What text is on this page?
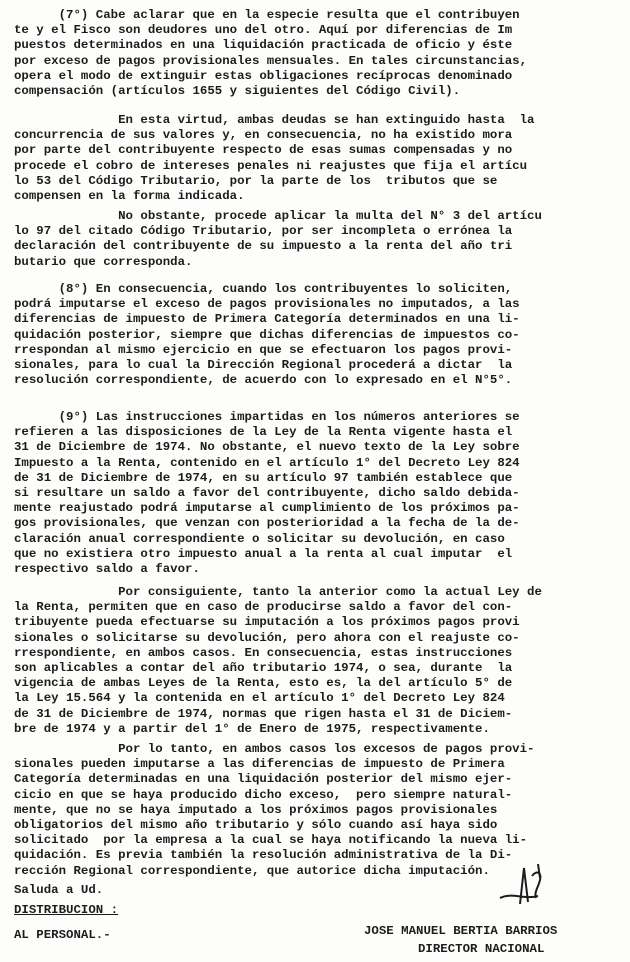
(7°) Cabe aclarar que en la especie resulta que el contribuyen
te y el Fisco son deudores uno del otro. Aquí por diferencias de Im
puestos determinados en una liquidación practicada de oficio y éste
por exceso de pagos provisionales mensuales. En tales circunstancias,
opera el modo de extinguir estas obligaciones recíprocas denominado
compensación (artículos 1655 y siguientes del Código Civil).
En esta virtud, ambas deudas se han extinguido hasta  la
concurrencia de sus valores y, en consecuencia, no ha existido mora
por parte del contribuyente respecto de esas sumas compensadas y no
procede el cobro de intereses penales ni reajustes que fija el artícu
lo 53 del Código Tributario, por la parte de los  tributos que se
compensen en la forma indicada.
No obstante, procede aplicar la multa del N° 3 del artícu
lo 97 del citado Código Tributario, por ser incompleta o errónea la
declaración del contribuyente de su impuesto a la renta del año tri
butario que corresponda.
(8°) En consecuencia, cuando los contribuyentes lo soliciten,
podrá imputarse el exceso de pagos provisionales no imputados, a las
diferencias de impuesto de Primera Categoría determinados en una li-
quidación posterior, siempre que dichas diferencias de impuestos co-
rrespondan al mismo ejercicio en que se efectuaron los pagos provi-
sionales, para lo cual la Dirección Regional procederá a dictar  la
resolución correspondiente, de acuerdo con lo expresado en el N°5°.
(9°) Las instrucciones impartidas en los números anteriores se
refieren a las disposiciones de la Ley de la Renta vigente hasta el
31 de Diciembre de 1974. No obstante, el nuevo texto de la Ley sobre
Impuesto a la Renta, contenido en el artículo 1° del Decreto Ley 824
de 31 de Diciembre de 1974, en su artículo 97 también establece que
si resultare un saldo a favor del contribuyente, dicho saldo debida-
mente reajustado podrá imputarse al cumplimiento de los próximos pa-
gos provisionales, que venzan con posterioridad a la fecha de la de-
claración anual correspondiente o solicitar su devolución, en caso
que no existiera otro impuesto anual a la renta al cual imputar  el
respectivo saldo a favor.
Por consiguiente, tanto la anterior como la actual Ley de
la Renta, permiten que en caso de producirse saldo a favor del con-
tribuyente pueda efectuarse su imputación a los próximos pagos provi
sionales o solicitarse su devolución, pero ahora con el reajuste co-
rrespondiente, en ambos casos. En consecuencia, estas instrucciones
son aplicables a contar del año tributario 1974, o sea, durante  la
vigencia de ambas Leyes de la Renta, esto es, la del artículo 5° de
la Ley 15.564 y la contenida en el artículo 1° del Decreto Ley 824
de 31 de Diciembre de 1974, normas que rigen hasta el 31 de Diciem-
bre de 1974 y a partir del 1° de Enero de 1975, respectivamente.
Por lo tanto, en ambos casos los excesos de pagos provi-
sionales pueden imputarse a las diferencias de impuesto de Primera
Categoría determinadas en una liquidación posterior del mismo ejer-
cicio en que se haya producido dicho exceso,  pero siempre natural-
mente, que no se haya imputado a los próximos pagos provisionales
obligatorios del mismo año tributario y sólo cuando así haya sido
solicitado  por la empresa a la cual se haya notificando la nueva li-
quidación. Es previa también la resolución administrativa de la Di-
rección Regional correspondiente, que autorice dicha imputación.
Saluda a Ud.
DISTRIBUCION :
AL PERSONAL.-	JOSE MANUEL BERTIA BARRIOS
DIRECTOR NACIONAL
